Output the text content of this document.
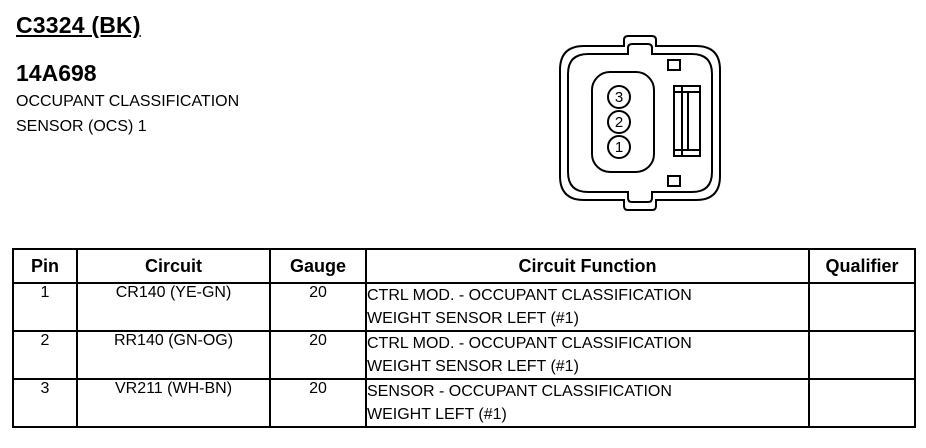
C3324 (BK)
14A698
OCCUPANT CLASSIFICATION
SENSOR (OCS) 1
3
2
1
Pin	Circuit	Gauge	Circuit Function	Qualifier
1	CR140 (YE-GN)	20	CTRL MOD. - OCCUPANT CLASSIFICATION
WEIGHT SENSOR LEFT (#1)	

2	RR140 (GN-OG)	20	CTRL MOD. - OCCUPANT CLASSIFICATION
WEIGHT SENSOR LEFT (#1)	

3	VR211 (WH-BN)	20	SENSOR - OCCUPANT CLASSIFICATION
WEIGHT LEFT (#1)	
